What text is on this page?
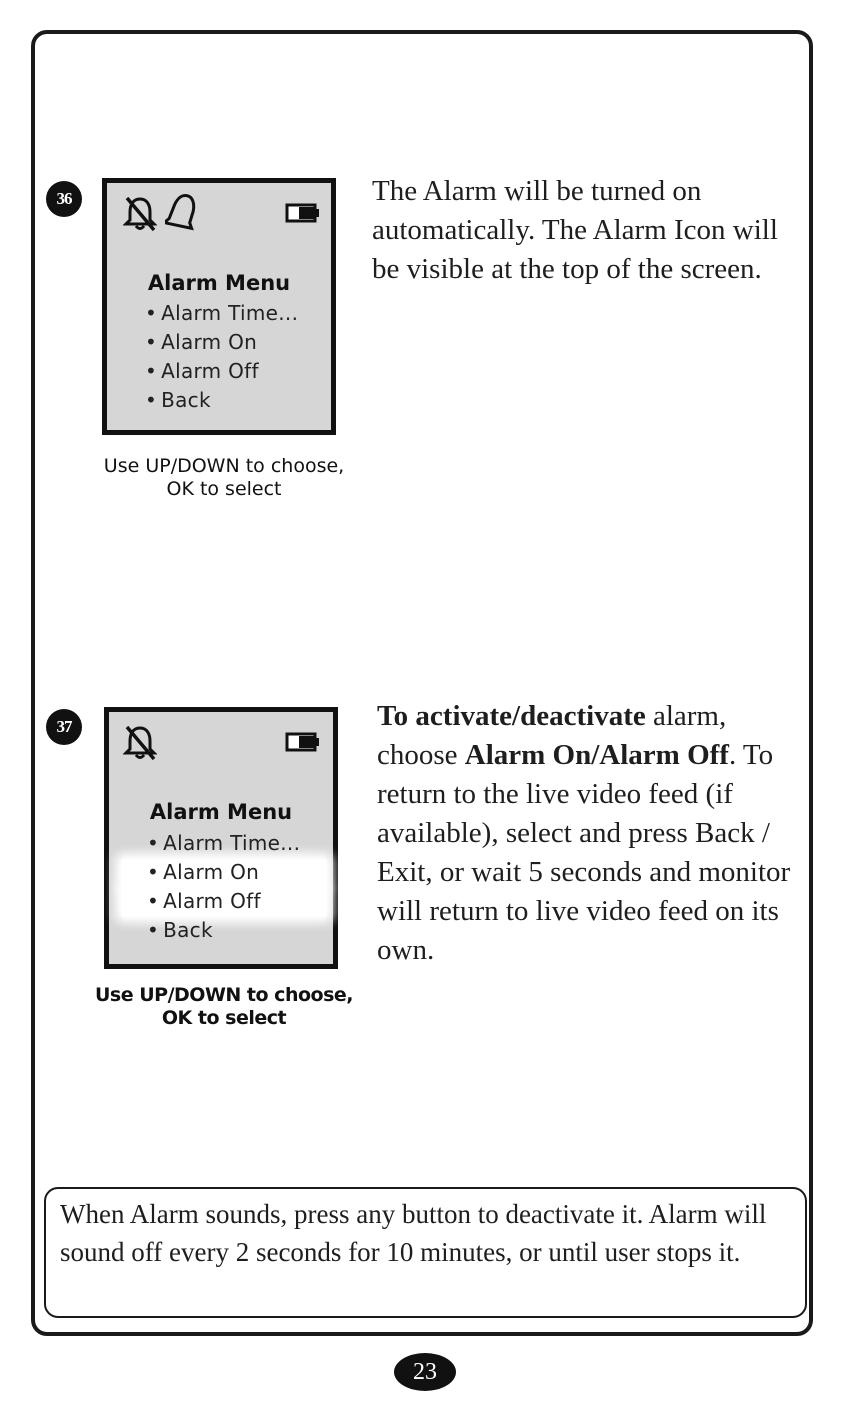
36
Alarm Menu
• Alarm Time...
• Alarm On
• Alarm Off
• Back
Use UP/DOWN to choose, OK to select

The Alarm will be turned on automatically. The Alarm Icon will be visible at the top of the screen.

37
Alarm Menu
• Alarm Time...
• Alarm On
• Alarm Off
• Back
Use UP/DOWN to choose, OK to select

To activate/deactivate alarm, choose Alarm On/Alarm Off. To return to the live video feed (if available), select and press Back / Exit, or wait 5 seconds and monitor will return to live video feed on its own.

When Alarm sounds, press any button to deactivate it. Alarm will sound off every 2 seconds for 10 minutes, or until user stops it.

23
